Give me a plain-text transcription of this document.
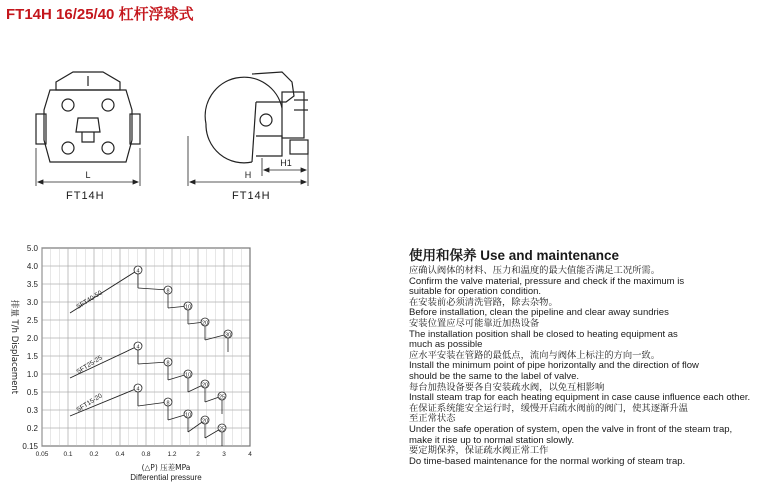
FT14H 16/25/40 杠杆浮球式
L
FT14H
H1
H
FT14H
5.0
4.0
3.5
3.0
2.5
2.0
1.5
1.0
0.5
0.3
0.2
0.15
0.05 0.1	0.2	0.4	0.8	1.2	2	3	4
排量 T/h Displacement
(△P) 压差MPa
Differential pressure
SFT40-50
4
8
10
20
30
SFT25-25
4
8
10
20
25
SFT15-20
4
8
10
20
25
使用和保养 Use and maintenance

应确认阀体的材料、压力和温度的最大值能否满足工况所需。

Confirm the valve material, pressure and check if the maximum is

suitable for operation condition.

在安装前必须清洗管路，除去杂物。

Before installation, clean the pipeline and clear away sundries

安装位置应尽可能靠近加热设备

The installation position shall be closed to heating equipment as

much as possible

应水平安装在管路的最低点，流向与阀体上标注的方向一致。

Install the minimum point of pipe horizontally and the direction of flow

should be the same to the label of valve.

每台加热设备要各自安装疏水阀，以免互相影响

Install steam trap for each heating equipment in case cause influence each other.

在保证系统能安全运行时，缓慢开启疏水阀前的阀门，使其逐渐升温

至正常状态

Under the safe operation of system, open the valve in front of the steam trap,

make it rise up to normal station slowly.

要定期保养，保证疏水阀正常工作

Do time-based maintenance for the normal working of steam trap.
